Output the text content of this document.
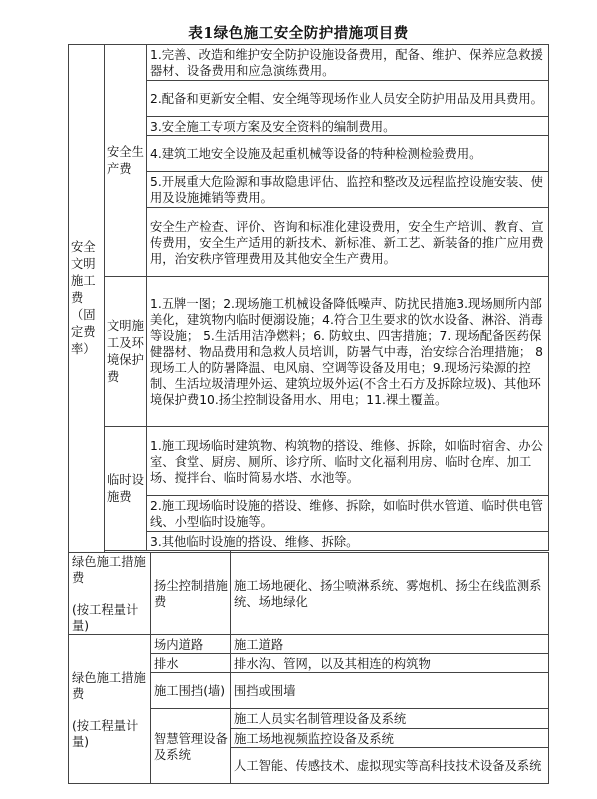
表1绿色施工安全防护措施项目费
安全文明施工费（固定费率）	安全生产费	1.完善、改造和维护安全防护设施设备费用，配备、维护、保养应急救援器材、设备费用和应急演练费用。		
		2.配备和更新安全帽、安全绳等现场作业人员安全防护用品及用具费用。		
		3.安全施工专项方案及安全资料的编制费用。		
		4.建筑工地安全设施及起重机械等设备的特种检测检验费用。		
		5.开展重大危险源和事故隐患评估、监控和整改及远程监控设施安装、使用及设施摊销等费用。		
		安全生产检查、评价、咨询和标准化建设费用，安全生产培训、教育、宣传费用，安全生产适用的新技术、新标准、新工艺、新装备的推广应用费用，治安秩序管理费用及其他安全生产费用。		
	文明施工及环境保护费	1.五牌一图；2.现场施工机械设备降低噪声、防扰民措施3.现场厕所内部美化，建筑物内临时便溺设施；4.符合卫生要求的饮水设备、淋浴、消毒等设施； 5.生活用洁净燃料；6. 防蚊虫、四害措施；7. 现场配备医药保健器材、物品费用和急救人员培训，防暑气中毒，治安综合治理措施； 8现场工人的防暑降温、电风扇、空调等设备及用电；9.现场污染源的控制、生活垃圾清理外运、建筑垃圾外运(不含土石方及拆除垃圾)、其他环境保护费10.扬尘控制设备用水、用电；11.裸土覆盖。		
	临时设施费	1.施工现场临时建筑物、构筑物的搭设、维修、拆除，如临时宿舍、办公室、食堂、厨房、厕所、诊疗所、临时文化福利用房、临时仓库、加工场、搅拌台、临时简易水塔、水池等。		
		2.施工现场临时设施的搭设、维修、拆除，如临时供水管道、临时供电管线、小型临时设施等。		
		3.其他临时设施的搭设、维修、拆除。		

绿色施工措施费
(按工程量计量)			扬尘控制措施费	施工场地硬化、扬尘喷淋系统、雾炮机、扬尘在线监测系统、场地绿化

绿色施工措施费
(按工程量计量)			场内道路	施工道路
			排水	排水沟、管网，以及其相连的构筑物
			施工围挡(墙)	围挡或围墙
			智慧管理设备及系统	施工人员实名制管理设备及系统
				施工场地视频监控设备及系统
				人工智能、传感技术、虚拟现实等高科技技术设备及系统
